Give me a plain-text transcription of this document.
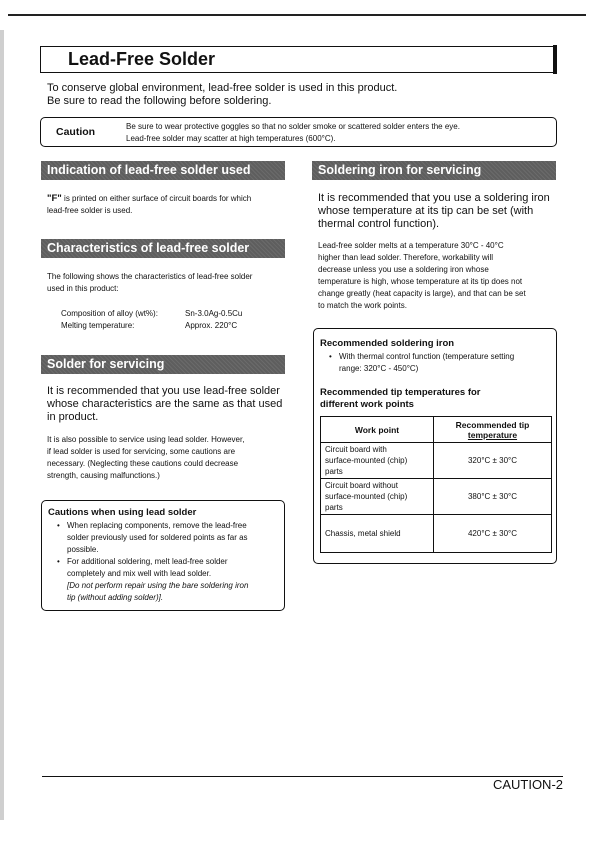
Lead-Free Solder
To conserve global environment, lead-free solder is used in this product.
Be sure to read the following before soldering.
Caution	Be sure to wear protective goggles so that no solder smoke or scattered solder enters the eye.
Lead-free solder may scatter at high temperatures (600°C).
Indication of lead-free solder used
"F" is printed on either surface of circuit boards for which
lead-free solder is used.
Characteristics of lead-free solder
The following shows the characteristics of lead-free solder
used in this product:
Composition of alloy (wt%):	Sn-3.0Ag-0.5Cu
Melting temperature:	Approx. 220°C
Solder for servicing
It is recommended that you use lead-free solder
whose characteristics are the same as that used
in product.
It is also possible to service using lead solder. However,
if lead solder is used for servicing, some cautions are
necessary. (Neglecting these cautions could decrease
strength, causing malfunctions.)
Cautions when using lead solder
• When replacing components, remove the lead-free
solder previously used for soldered points as far as
possible.
• For additional soldering, melt lead-free solder
completely and mix well with lead solder.
[Do not perform repair using the bare soldering iron
tip (without adding solder)].
Soldering iron for servicing
It is recommended that you use a soldering iron
whose temperature at its tip can be set (with
thermal control function).
Lead-free solder melts at a temperature 30°C - 40°C
higher than lead solder. Therefore, workability will
decrease unless you use a soldering iron whose
temperature is high, whose temperature at its tip does not
change greatly (heat capacity is large), and that can be set
to match the work points.
Recommended soldering iron
• With thermal control function (temperature setting
range: 320°C - 450°C)
Recommended tip temperatures for
different work points
Work point	Recommended tip
temperature

Circuit board with
surface-mounted (chip)
parts	320°C ± 30°C

Circuit board without
surface-mounted (chip)
parts	380°C ± 30°C
Chassis, metal shield	420°C ± 30°C
CAUTION-2
